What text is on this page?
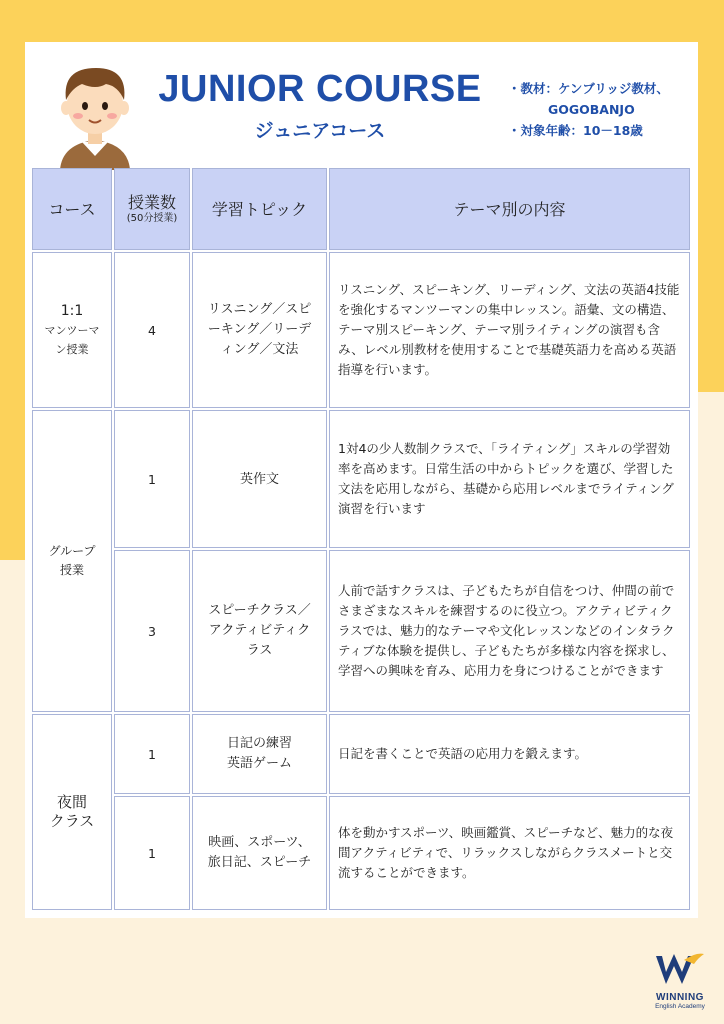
JUNIOR COURSE
ジュニアコース
・教材：ケンブリッジ教材、
GOGOBANJO
・対象年齢：10－18歳
コース 授業数
(50分授業) 学習トピック	テーマ別の内容
1:1
マンツーマ
ン授業
4
リスニング／スピ
ーキング／リーデ
ィング／文法
リスニング、スピーキング、リーディング、文法の英語4技能を強化するマンツーマンの集中レッスン。語彙、文の構造、テーマ別スピーキング、テーマ別ライティングの演習も含み、レベル別教材を使用することで基礎英語力を高める英語指導を行います。
グループ
授業
1	英作文
1対4の少人数制クラスで、「ライティング」スキルの学習効率を高めます。日常生活の中からトピックを選び、学習した文法を応用しながら、基礎から応用レベルまでライティング演習を行います
3
スピーチクラス／
アクティビティク
ラス
人前で話すクラスは、子どもたちが自信をつけ、仲間の前でさまざまなスキルを練習するのに役立つ。アクティビティクラスでは、魅力的なテーマや文化レッスンなどのインタラクティブな体験を提供し、子どもたちが多様な内容を探求し、学習への興味を育み、応用力を身につけることができます
夜間
クラス
1
日記の練習
英語ゲーム
日記を書くことで英語の応用力を鍛えます。
1
映画、スポーツ、
旅日記、スピーチ
体を動かすスポーツ、映画鑑賞、スピーチなど、魅力的な夜間アクティビティで、リラックスしながらクラスメートと交流することができます。
WINNING
English Academy
